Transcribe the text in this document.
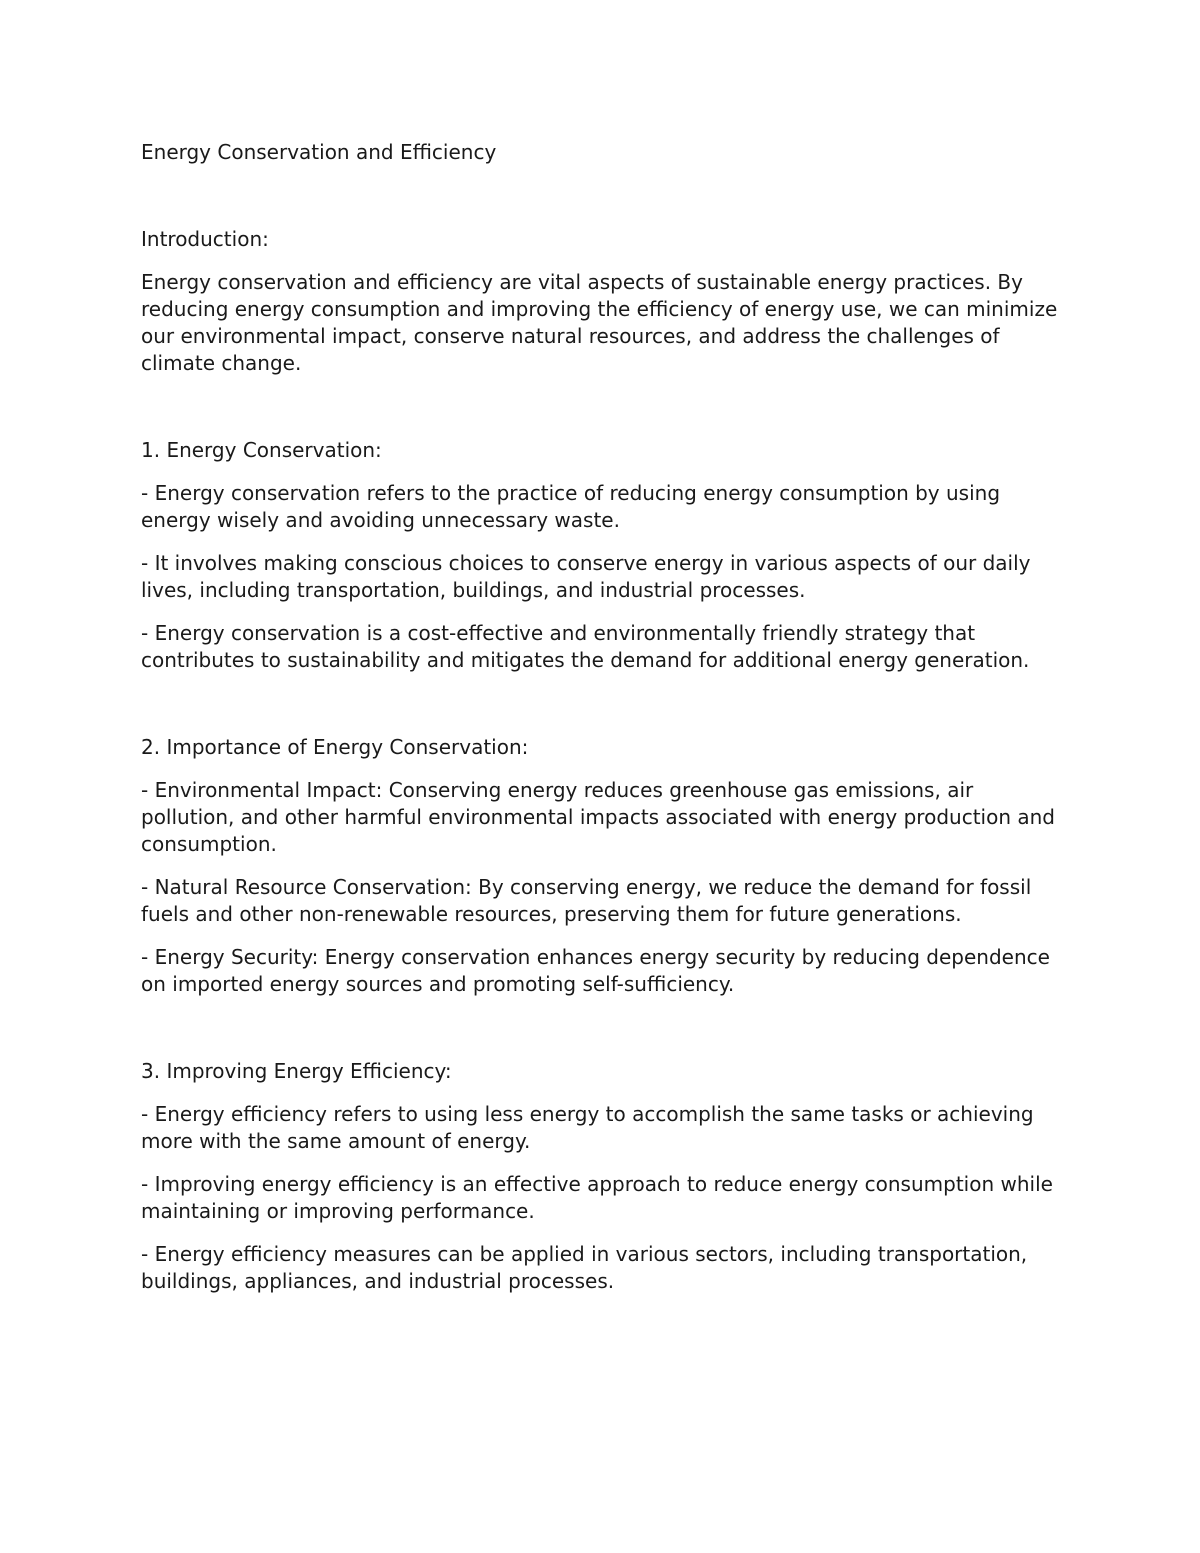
Energy Conservation and Efficiency
Introduction:

Energy conservation and efficiency are vital aspects of sustainable energy practices. By reducing energy consumption and improving the efficiency of energy use, we can minimize our environmental impact, conserve natural resources, and address the challenges of climate change.

1. Energy Conservation:

- Energy conservation refers to the practice of reducing energy consumption by using energy wisely and avoiding unnecessary waste.

- It involves making conscious choices to conserve energy in various aspects of our daily lives, including transportation, buildings, and industrial processes.

- Energy conservation is a cost-effective and environmentally friendly strategy that contributes to sustainability and mitigates the demand for additional energy generation.

2. Importance of Energy Conservation:

- Environmental Impact: Conserving energy reduces greenhouse gas emissions, air pollution, and other harmful environmental impacts associated with energy production and consumption.

- Natural Resource Conservation: By conserving energy, we reduce the demand for fossil fuels and other non-renewable resources, preserving them for future generations.

- Energy Security: Energy conservation enhances energy security by reducing dependence on imported energy sources and promoting self-sufficiency.

3. Improving Energy Efficiency:

- Energy efficiency refers to using less energy to accomplish the same tasks or achieving more with the same amount of energy.

- Improving energy efficiency is an effective approach to reduce energy consumption while maintaining or improving performance.

- Energy efficiency measures can be applied in various sectors, including transportation, buildings, appliances, and industrial processes.
